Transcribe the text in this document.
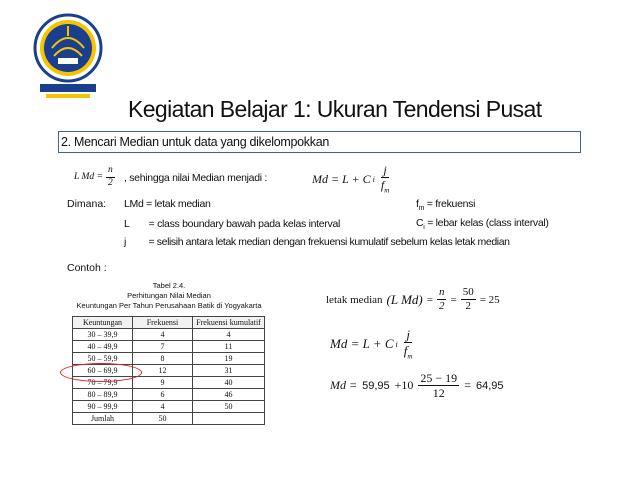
Kegiatan Belajar 1: Ukuran Tendensi Pusat
2. Mencari Median untuk data yang dikelompokkan
L $Md = \frac{n}{2}$ , sehingga nilai Median menjadi :	Md = L + C i $\frac{j}{f_m}$
Dimana: LMd = letak median
L = class boundary bawah pada kelas interval
j = selisih antara letak median dengan frekuensi kumulatif sebelum kelas letak median
$f_m$ = frekuensi
$C_i$ = lebar kelas (class interval)
Contoh :
Tabel 2.4.
Perhitungan Nilai Median
Keuntungan Per Tahun Perusahaan Batik di Yogyakarta
Keuntungan	Frekuensi	Frekuensi kumulatif
30 – 39,9	4	4
40 – 49,9	7	11
50 – 59,9	8	19
60 – 69,9	12	31
70 – 79,9	9	40
80 – 89,9	6	46
90 – 99,9	4	50
Jumlah	50	
letak median (L $Md) = \frac{n}{2} = \frac{50}{2} = 25$
Md = L + C i $\frac{j}{f_m}$
$Md = 59,95 +10 \frac{25 - 19}{12} = 64,95$
